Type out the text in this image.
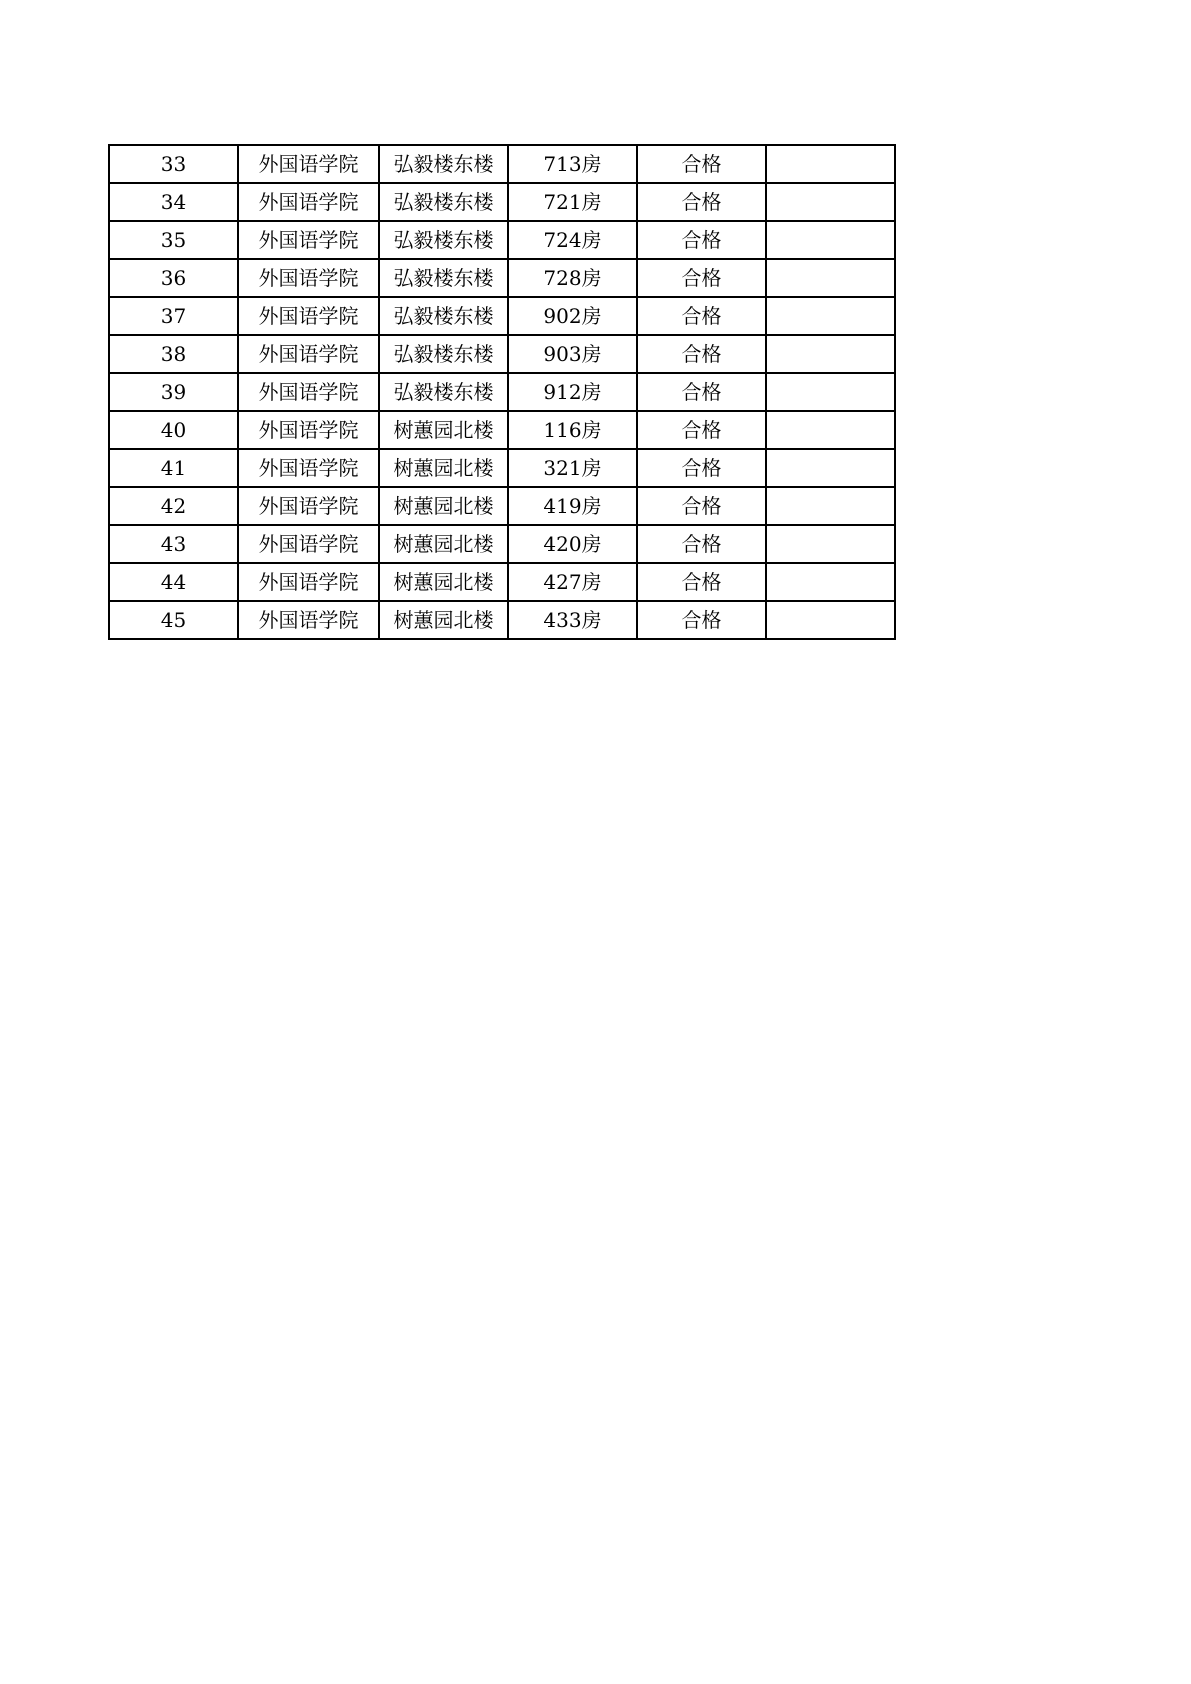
33	外国语学院	弘毅楼东楼	713房	合格	
34	外国语学院	弘毅楼东楼	721房	合格	
35	外国语学院	弘毅楼东楼	724房	合格	
36	外国语学院	弘毅楼东楼	728房	合格	
37	外国语学院	弘毅楼东楼	902房	合格	
38	外国语学院	弘毅楼东楼	903房	合格	
39	外国语学院	弘毅楼东楼	912房	合格	
40	外国语学院	树蕙园北楼	116房	合格	
41	外国语学院	树蕙园北楼	321房	合格	
42	外国语学院	树蕙园北楼	419房	合格	
43	外国语学院	树蕙园北楼	420房	合格	
44	外国语学院	树蕙园北楼	427房	合格	
45	外国语学院	树蕙园北楼	433房	合格	
